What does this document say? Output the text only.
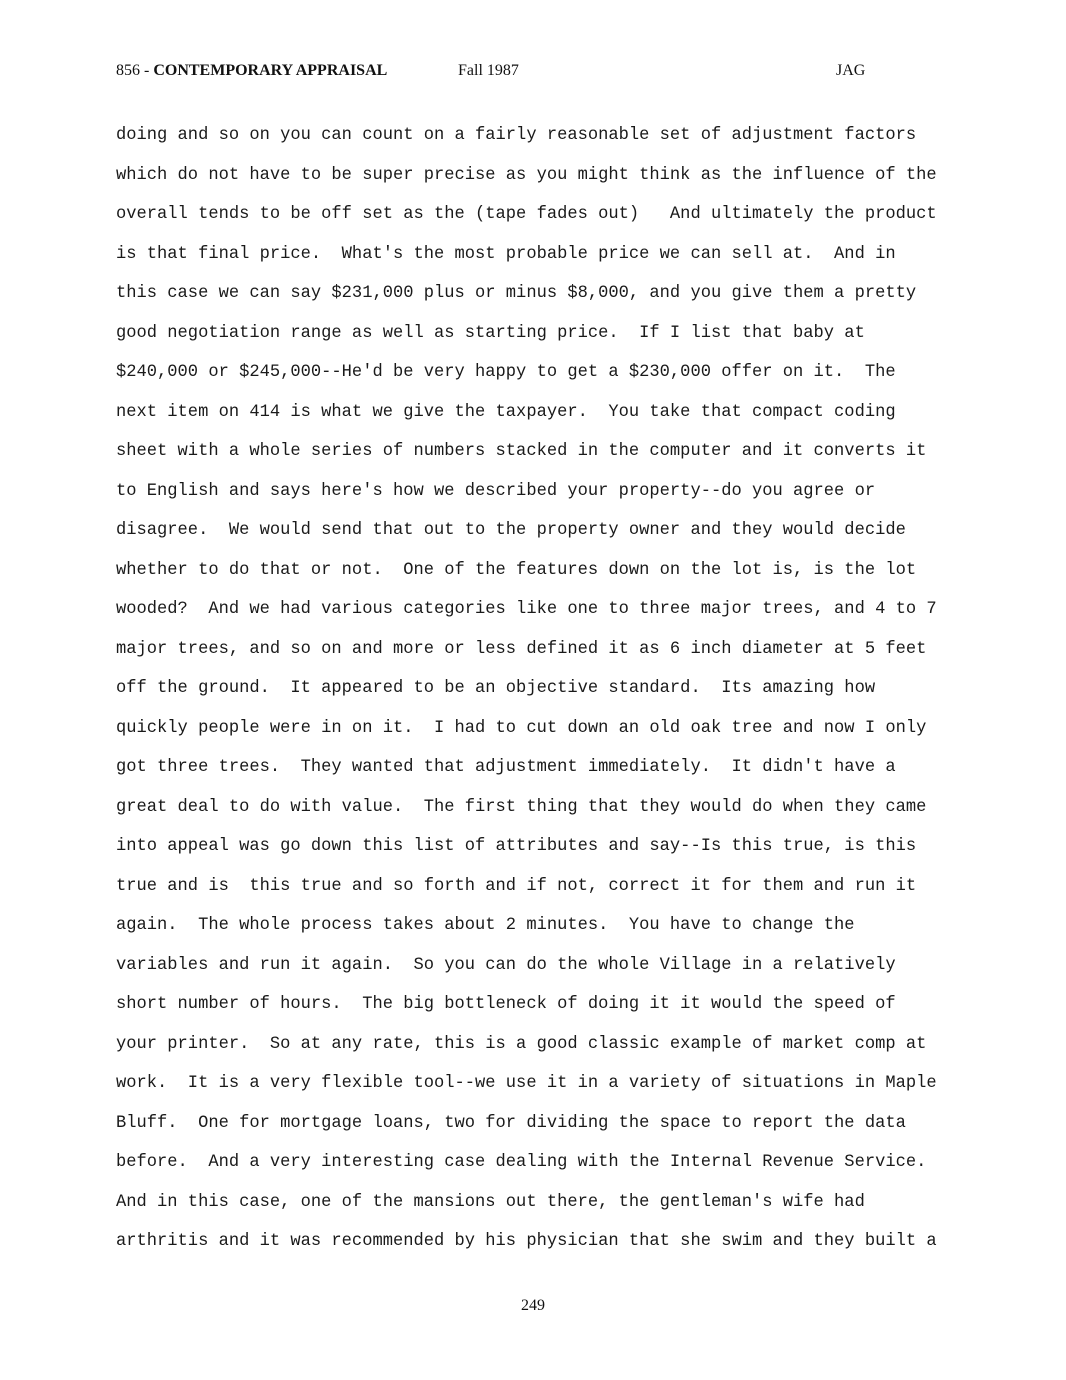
856 - CONTEMPORARY APPRAISAL	Fall 1987	JAG
doing and so on you can count on a fairly reasonable set of adjustment factors
which do not have to be super precise as you might think as the influence of the
overall tends to be off set as the (tape fades out)   And ultimately the product
is that final price.  What's the most probable price we can sell at.  And in
this case we can say $231,000 plus or minus $8,000, and you give them a pretty
good negotiation range as well as starting price.  If I list that baby at
$240,000 or $245,000--He'd be very happy to get a $230,000 offer on it.  The
next item on 414 is what we give the taxpayer.  You take that compact coding
sheet with a whole series of numbers stacked in the computer and it converts it
to English and says here's how we described your property--do you agree or
disagree.  We would send that out to the property owner and they would decide
whether to do that or not.  One of the features down on the lot is, is the lot
wooded?  And we had various categories like one to three major trees, and 4 to 7
major trees, and so on and more or less defined it as 6 inch diameter at 5 feet
off the ground.  It appeared to be an objective standard.  Its amazing how
quickly people were in on it.  I had to cut down an old oak tree and now I only
got three trees.  They wanted that adjustment immediately.  It didn't have a
great deal to do with value.  The first thing that they would do when they came
into appeal was go down this list of attributes and say--Is this true, is this
true and is  this true and so forth and if not, correct it for them and run it
again.  The whole process takes about 2 minutes.  You have to change the
variables and run it again.  So you can do the whole Village in a relatively
short number of hours.  The big bottleneck of doing it it would the speed of
your printer.  So at any rate, this is a good classic example of market comp at
work.  It is a very flexible tool--we use it in a variety of situations in Maple
Bluff.  One for mortgage loans, two for dividing the space to report the data
before.  And a very interesting case dealing with the Internal Revenue Service.
And in this case, one of the mansions out there, the gentleman's wife had
arthritis and it was recommended by his physician that she swim and they built a
249
